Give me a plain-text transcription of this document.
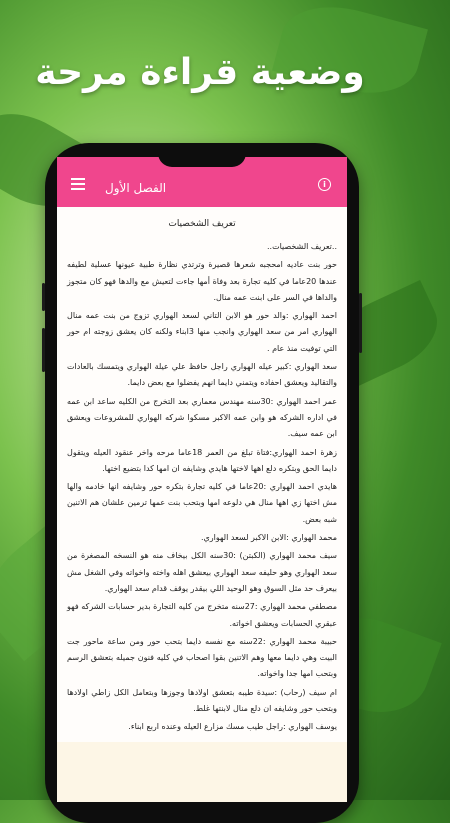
وضعية قراءة مرحة
الفصل الأول	i
تعريف الشخصيات

..تعريف الشخصيات..

حور بنت عاديه امحجبه شعرها قصيرة وترتدي نظارة طبية عيونها عسلية لطيفه عندها 20عاما في كليه تجارة بعد وفاة أمها جاءت لتعيش مع والدها فهو كان متجوز والداها في السر على ابنت عمه منال.

احمد الهواري :والد حور هو الابن التاني لسعد الهواري تزوج من بنت عمه منال الهواري امر من سعد الهواري وانجب منها 3ابناء ولكنه كان يعشق زوجته ام حور التي توفيت منذ عام .

سعد الهواري :كبير عيله الهواري راجل حافظ علي عيلة الهواري ويتمسك بالعادات والتقاليد ويعشق احفاده ويتمني دايما انهم يفضلوا مع بعض دايما.

عمر احمد الهواري :30سنه مهندس معماري بعد التخرج من الكليه ساعد ابن عمه في اداره الشركه هو وابن عمه الاكبر مسكوا شركه الهواري للمشروعات ويعشق ابن عمه سيف.

زهرة احمد الهواري:فتاة تبلغ من العمر 18عاما مرحه واخر عنقود العيله ويتقول دايما الحق وبتكره دلع اهها لاختها هايدي وشايفه ان امها كدا بتضيع اختها.

هايدي احمد الهواري :20عاما في كليه تجارة بتكره حور وشايفه انها خادمه والها مش اختها زي اهها منال هي دلوعه امها وبتحب بنت عمها ترمين علشان هم الاتنين شبه بعض.

محمد الهواري :الابن الاكبر لسعد الهواري.

سيف محمد الهواري (الكبتن) :30سنه الكل بيخاف منه هو النسخه المصغرة من سعد الهواري وهو حليفه سعد الهواري بيعشق اهله واخته واخواته وفي الشغل مش بيعرف حد مثل السوق وهو الوحيد اللي بيقدر يوقف قدام سعد الهواري.

مصطفي محمد الهواري :27سنه متخرج من كليه التجارة بدير حسابات الشركه فهو عبقري الحسابات ويعشق اخواته.

حبيبة محمد الهواري :22سنه مع نفسه دايما بتحب حور ومن ساعة ماحور جت البيت وهي دايما معها وهم الاتنين بقوا اصحاب في كليه فنون جميله بتعشق الرسم وبتحب امها جدا واخواته.

ام سيف (رحاب) :سيدة طيبه بتعشق اولادها وجوزها وبتعامل الكل زاطي اولادها وبتحب حور وشايفه ان دلع منال لابنتها غلط.

يوسف الهواري :راجل طيب مسك مزارع العيله وعنده اربع ابناء.
